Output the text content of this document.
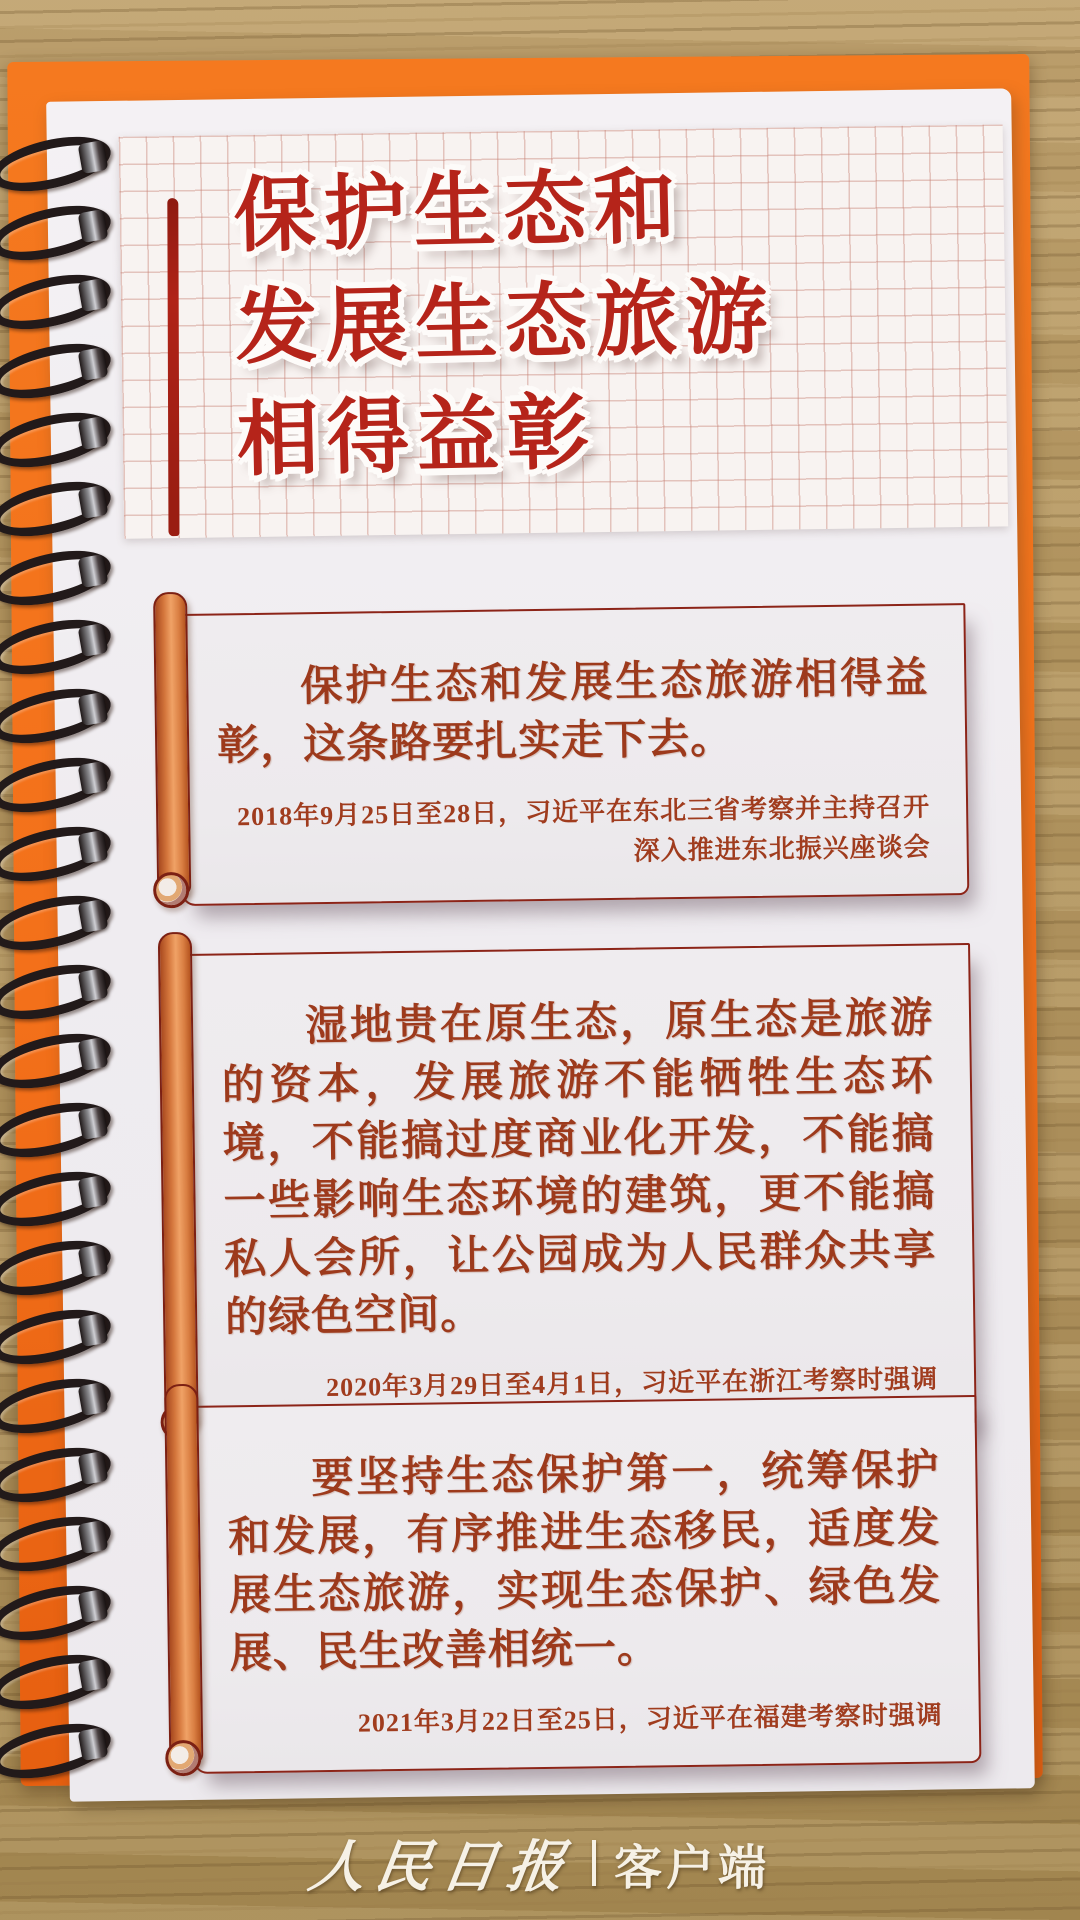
保护生态和
发展生态旅游
相得益彰
保护生态和发展生态旅游相得益彰，这条路要扎实走下去。
2018年9月25日至28日，习近平在东北三省考察并主持召开
深入推进东北振兴座谈会
湿地贵在原生态，原生态是旅游的资本，发展旅游不能牺牲生态环境，不能搞过度商业化开发，不能搞一些影响生态环境的建筑，更不能搞私人会所，让公园成为人民群众共享的绿色空间。
2020年3月29日至4月1日，习近平在浙江考察时强调
要坚持生态保护第一，统筹保护和发展，有序推进生态移民，适度发展生态旅游，实现生态保护、绿色发展、民生改善相统一。
2021年3月22日至25日，习近平在福建考察时强调
人民日报 客户端
